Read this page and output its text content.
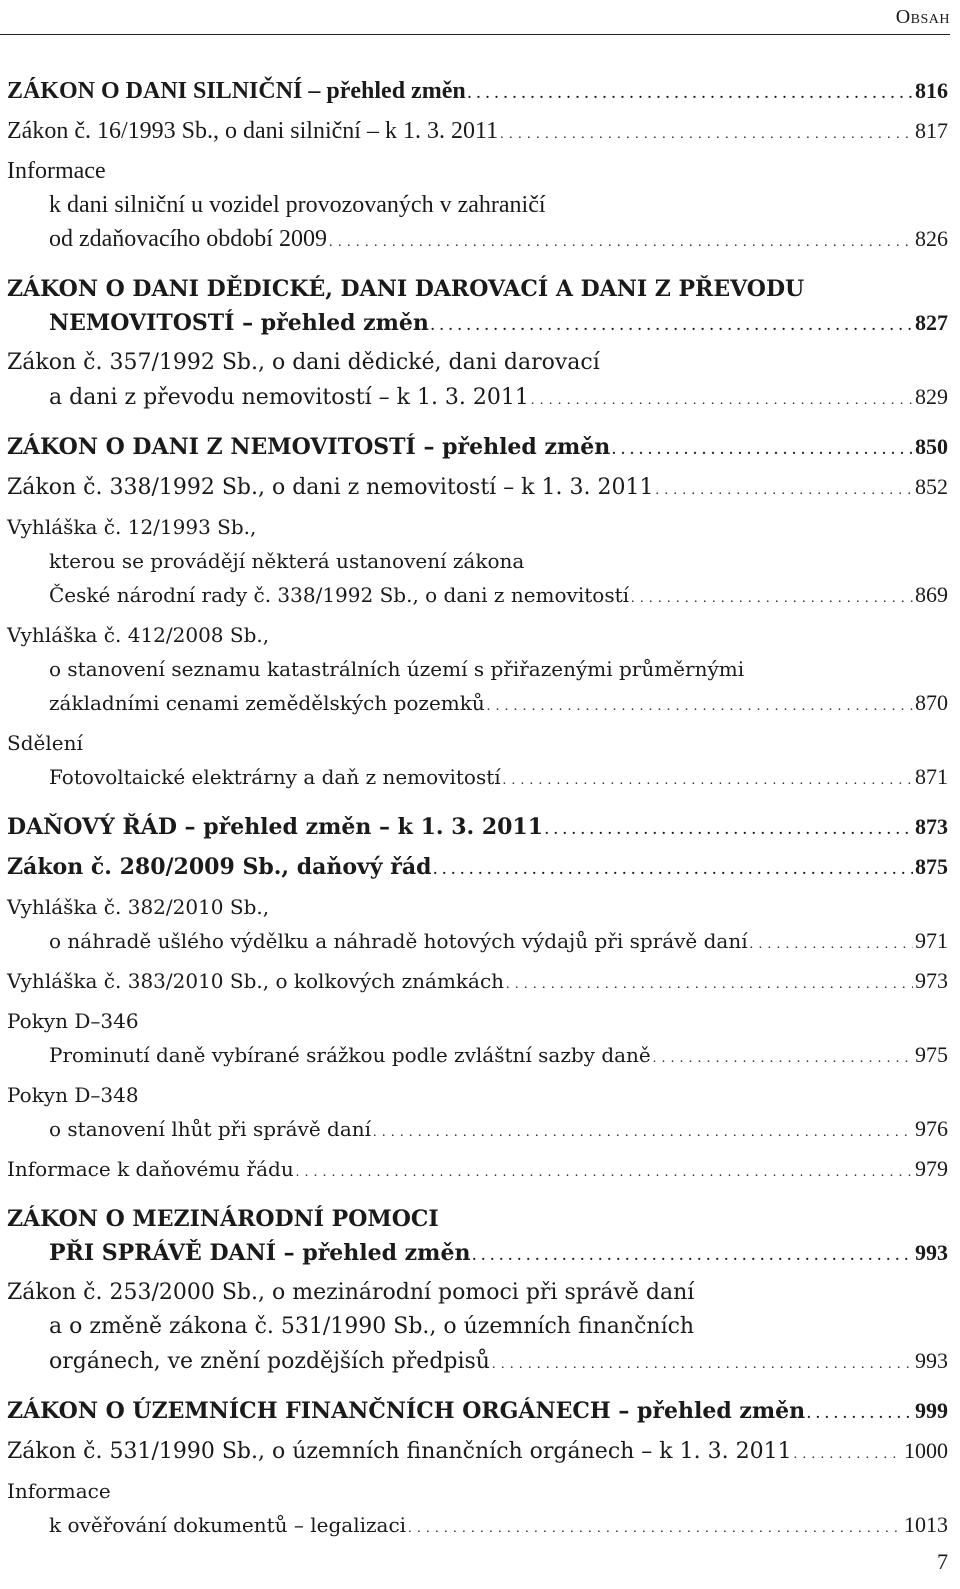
Obsah
ZÁKON O DANI SILNIČNÍ – přehled změn . . .	816
Zákon č. 16/1993 Sb., o dani silniční – k 1. 3. 2011 . . .	817
Informace
k dani silniční u vozidel provozovaných v zahraničí
od zdaňovacího období 2009 . . .	826
ZÁKON O DANI DĚDICKÉ, DANI DAROVACÍ A DANI Z PŘEVODU
NEMOVITOSTÍ – přehled změn . . .	827
Zákon č. 357/1992 Sb., o dani dědické, dani darovací
a dani z převodu nemovitostí – k 1. 3. 2011 . . .	829
ZÁKON O DANI Z NEMOVITOSTÍ – přehled změn . . .	850
Zákon č. 338/1992 Sb., o dani z nemovitostí – k 1. 3. 2011 . . .	852
Vyhláška č. 12/1993 Sb.,
kterou se provádějí některá ustanovení zákona
České národní rady č. 338/1992 Sb., o dani z nemovitostí . . .	869
Vyhláška č. 412/2008 Sb.,
o stanovení seznamu katastrálních území s přiřazenými průměrnými
základními cenami zemědělských pozemků . . .	870
Sdělení
Fotovoltaické elektrárny a daň z nemovitostí . . .	871
DAŇOVÝ ŘÁD – přehled změn – k 1. 3. 2011 . . .	873
Zákon č. 280/2009 Sb., daňový řád . . .	875
Vyhláška č. 382/2010 Sb.,
o náhradě ušlého výdělku a náhradě hotových výdajů při správě daní . . .	971
Vyhláška č. 383/2010 Sb., o kolkových známkách . . .	973
Pokyn D–346
Prominutí daně vybírané srážkou podle zvláštní sazby daně . . .	975
Pokyn D–348
o stanovení lhůt při správě daní . . .	976
Informace k daňovému řádu . . .	979
ZÁKON O MEZINÁRODNÍ POMOCI
PŘI SPRÁVĚ DANÍ – přehled změn . . .	993
Zákon č. 253/2000 Sb., o mezinárodní pomoci při správě daní
a o změně zákona č. 531/1990 Sb., o územních finančních
orgánech, ve znění pozdějších předpisů . . .	993
ZÁKON O ÚZEMNÍCH FINANČNÍCH ORGÁNECH – přehled změn . . .	999
Zákon č. 531/1990 Sb., o územních finančních orgánech – k 1. 3. 2011 . . .	1000
Informace
k ověřování dokumentů – legalizaci . . .	1013
7
